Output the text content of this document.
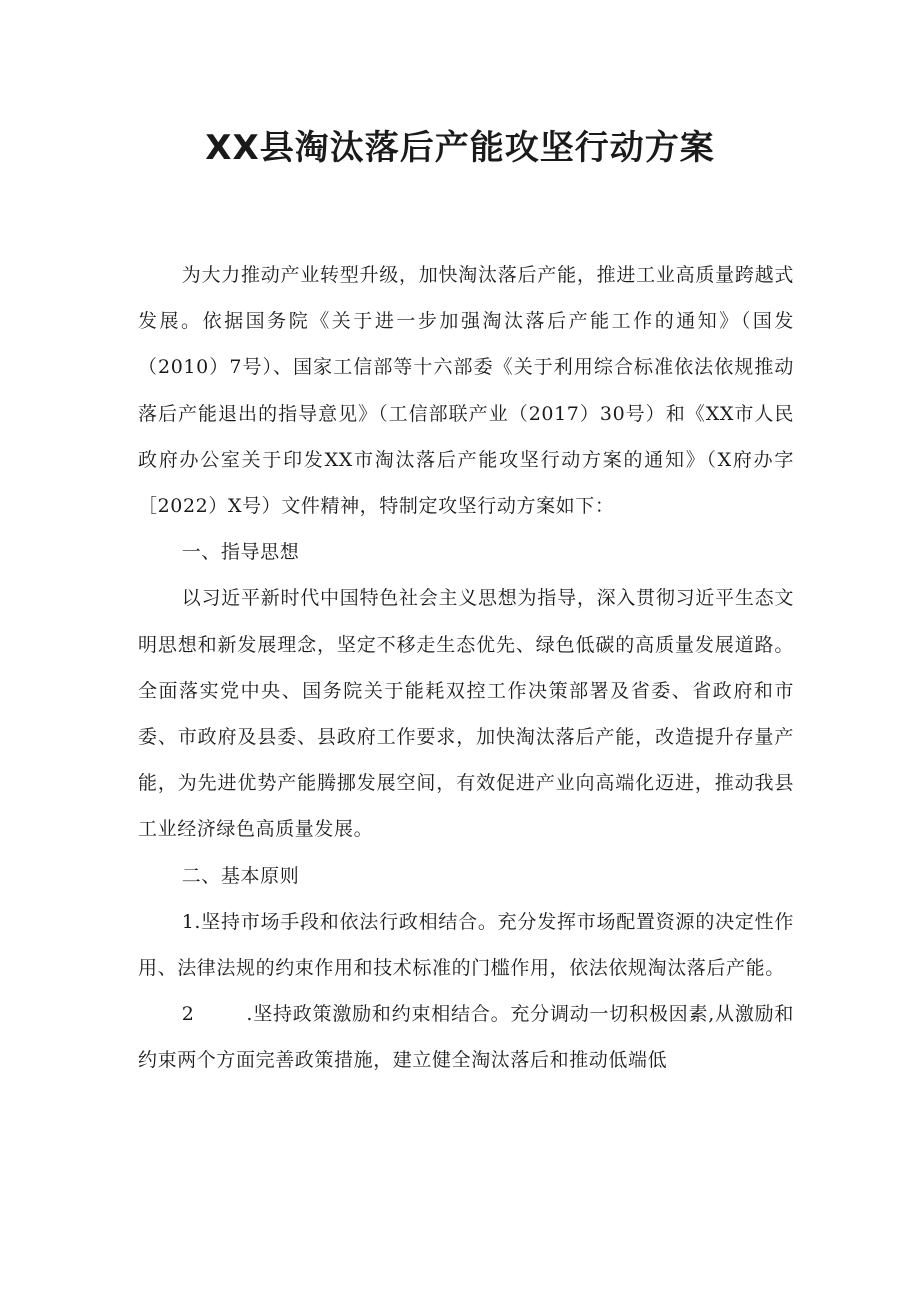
XX县淘汰落后产能攻坚行动方案

为大力推动产业转型升级，加快淘汰落后产能，推进工业高质量跨越式发展。依据国务院《关于进一步加强淘汰落后产能工作的通知》（国发（2010）7号）、国家工信部等十六部委《关于利用综合标准依法依规推动落后产能退出的指导意见》（工信部联产业（2017）30号）和《XX市人民政府办公室关于印发XX市淘汰落后产能攻坚行动方案的通知》（X府办字［2022）X号）文件精神，特制定攻坚行动方案如下：

一、指导思想

以习近平新时代中国特色社会主义思想为指导，深入贯彻习近平生态文明思想和新发展理念，坚定不移走生态优先、绿色低碳的高质量发展道路。全面落实党中央、国务院关于能耗双控工作决策部署及省委、省政府和市委、市政府及县委、县政府工作要求，加快淘汰落后产能，改造提升存量产能，为先进优势产能腾挪发展空间，有效促进产业向高端化迈进，推动我县工业经济绿色高质量发展。

二、基本原则

1.坚持市场手段和依法行政相结合。充分发挥市场配置资源的决定性作用、法律法规的约束作用和技术标准的门槛作用，依法依规淘汰落后产能。

2	.坚持政策激励和约束相结合。充分调动一切积极因素,从激励和约束两个方面完善政策措施，建立健全淘汰落后和推动低端低
